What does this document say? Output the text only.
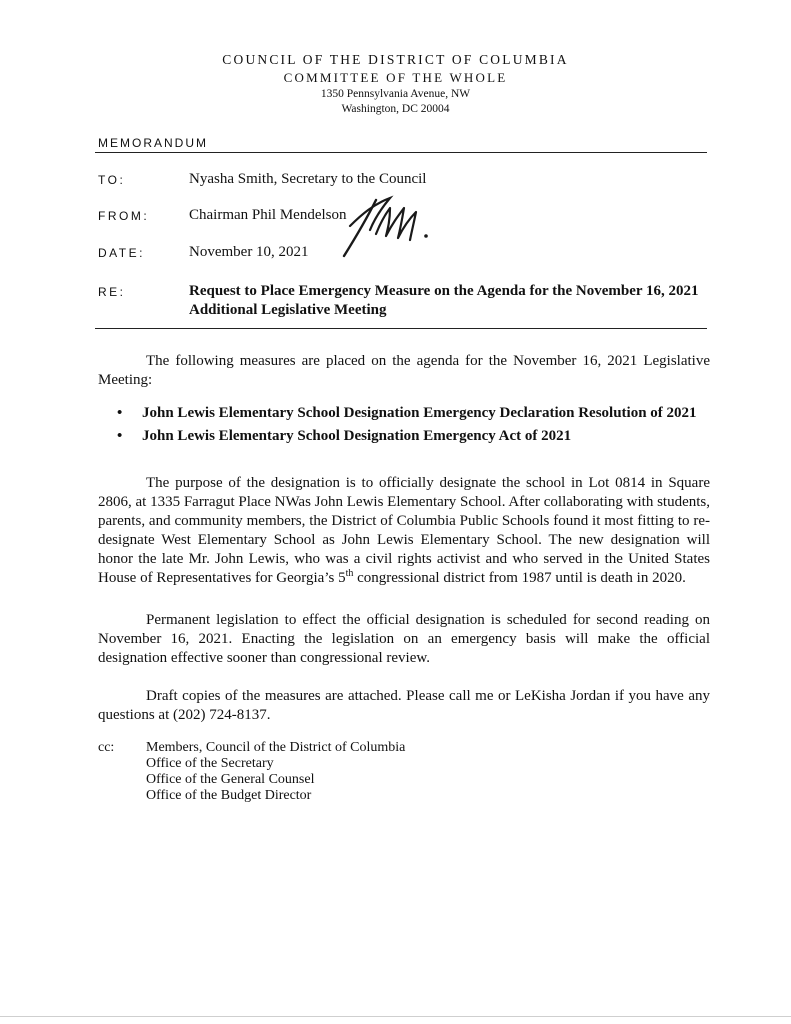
COUNCIL OF THE DISTRICT OF COLUMBIA

COMMITTEE OF THE WHOLE

1350 Pennsylvania Avenue, NW

Washington, DC 20004

MEMORANDUM
TO:	Nyasha Smith, Secretary to the Council
FROM:	Chairman Phil Mendelson
DATE:	November 10, 2021
RE:	Request to Place Emergency Measure on the Agenda for the November 16, 2021 Additional Legislative Meeting

The following measures are placed on the agenda for the November 16, 2021 Legislative Meeting:

• John Lewis Elementary School Designation Emergency Declaration Resolution of 2021
• John Lewis Elementary School Designation Emergency Act of 2021

The purpose of the designation is to officially designate the school in Lot 0814 in Square 2806, at 1335 Farragut Place NWas John Lewis Elementary School. After collaborating with students, parents, and community members, the District of Columbia Public Schools found it most fitting to re-designate West Elementary School as John Lewis Elementary School. The new designation will honor the late Mr. John Lewis, who was a civil rights activist and who served in the United States House of Representatives for Georgia’s 5th congressional district from 1987 until is death in 2020.

Permanent legislation to effect the official designation is scheduled for second reading on November 16, 2021. Enacting the legislation on an emergency basis will make the official designation effective sooner than congressional review.

Draft copies of the measures are attached. Please call me or LeKisha Jordan if you have any questions at (202) 724-8137.

cc: Members, Council of the District of Columbia
Office of the Secretary
Office of the General Counsel
Office of the Budget Director
